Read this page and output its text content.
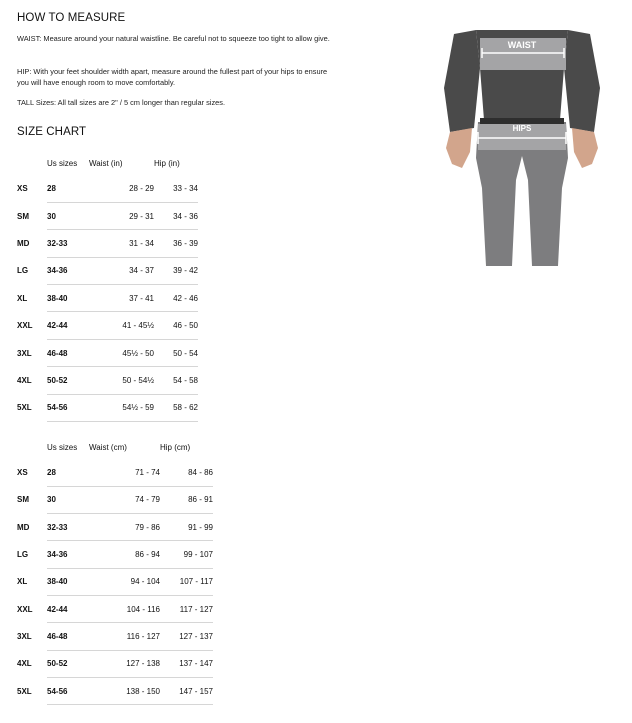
HOW TO MEASURE
WAIST: Measure around your natural waistline. Be careful not to squeeze too tight to allow give.
HIP: With your feet shoulder width apart, measure around the fullest part of your hips to ensure you will have enough room to move comfortably.
TALL Sizes: All tall sizes are 2" / 5 cm longer than regular sizes.
SIZE CHART
	Us sizes	Waist (in)	Hip (in)
XS	28	28 - 29	33 - 34
SM	30	29 - 31	34 - 36
MD	32-33	31 - 34	36 - 39
LG	34-36	34 - 37	39 - 42
XL	38-40	37 - 41	42 - 46
XXL	42-44	41 - 45½	46 - 50
3XL	46-48	45½ - 50	50 - 54
4XL	50-52	50 - 54½	54 - 58
5XL	54-56	54½ - 59	58 - 62
	Us sizes	Waist (cm)	Hip (cm)
XS	28	71 - 74	84 - 86
SM	30	74 - 79	86 - 91
MD	32-33	79 - 86	91 - 99
LG	34-36	86 - 94	99 - 107
XL	38-40	94 - 104	107 - 117
XXL	42-44	104 - 116	117 - 127
3XL	46-48	116 - 127	127 - 137
4XL	50-52	127 - 138	137 - 147
5XL	54-56	138 - 150	147 - 157
WAIST
HIPS
